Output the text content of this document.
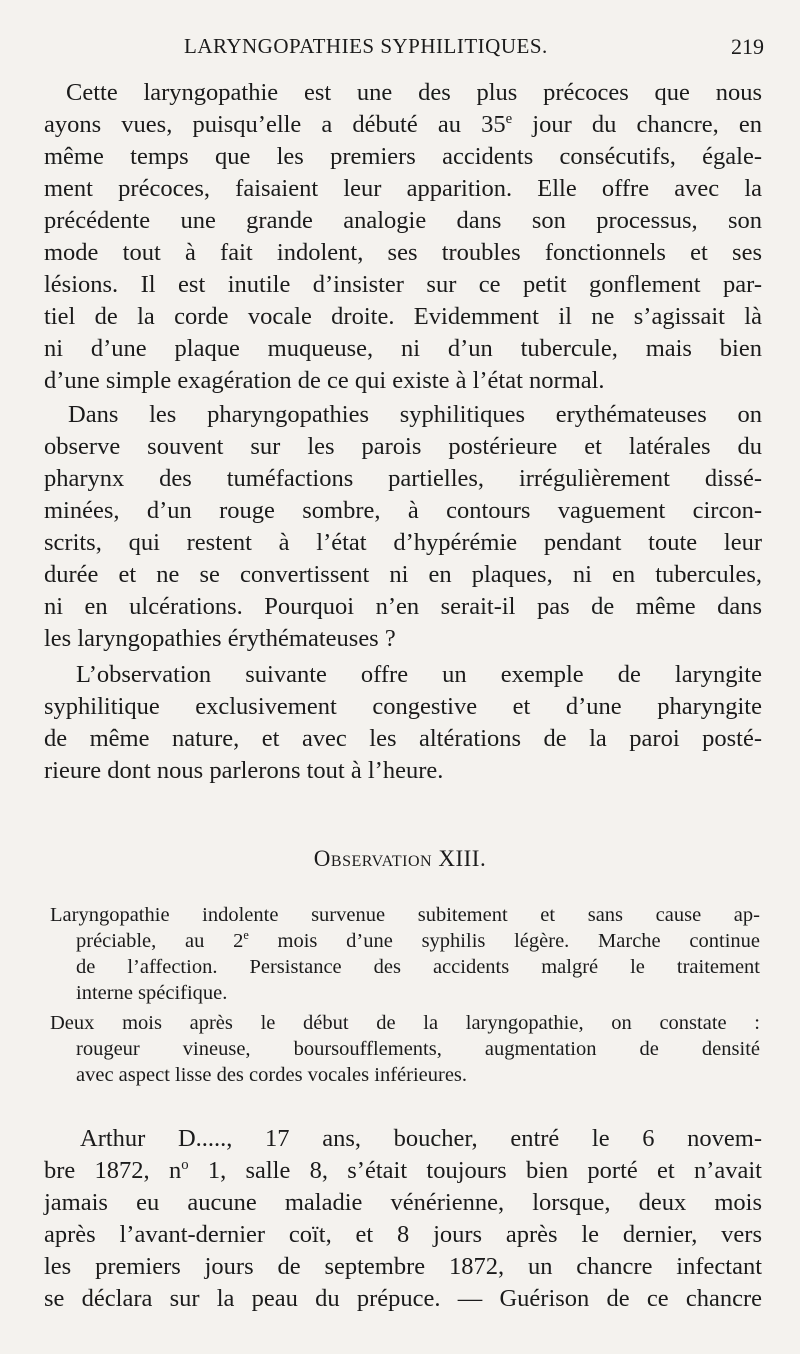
LARYNGOPATHIES SYPHILITIQUES.	219
Cette laryngopathie est une des plus précoces que nous
ayons vues, puisqu’elle a débuté au 35e jour du chancre, en
même temps que les premiers accidents consécutifs, égale-
ment précoces, faisaient leur apparition. Elle offre avec la
précédente une grande analogie dans son processus, son
mode tout à fait indolent, ses troubles fonctionnels et ses
lésions. Il est inutile d’insister sur ce petit gonflement par-
tiel de la corde vocale droite. Evidemment il ne s’agissait là
ni d’une plaque muqueuse, ni d’un tubercule, mais bien
d’une simple exagération de ce qui existe à l’état normal.
Dans les pharyngopathies syphilitiques erythémateuses on
observe souvent sur les parois postérieure et latérales du
pharynx des tuméfactions partielles, irrégulièrement dissé-
minées, d’un rouge sombre, à contours vaguement circon-
scrits, qui restent à l’état d’hypérémie pendant toute leur
durée et ne se convertissent ni en plaques, ni en tubercules,
ni en ulcérations. Pourquoi n’en serait-il pas de même dans
les laryngopathies érythémateuses ?
L’observation suivante offre un exemple de laryngite
syphilitique exclusivement congestive et d’une pharyngite
de même nature, et avec les altérations de la paroi posté-
rieure dont nous parlerons tout à l’heure.
Observation XIII.
Laryngopathie indolente survenue subitement et sans cause ap-
préciable, au 2e mois d’une syphilis légère. Marche continue
de l’affection. Persistance des accidents malgré le traitement
interne spécifique.
Deux mois après le début de la laryngopathie, on constate :
rougeur vineuse, boursoufflements, augmentation de densité
avec aspect lisse des cordes vocales inférieures.
Arthur D....., 17 ans, boucher, entré le 6 novem-
bre 1872, $n^o$ 1, salle 8, s’était toujours bien porté et n’avait
jamais eu aucune maladie vénérienne, lorsque, deux mois
après l’avant-dernier coït, et 8 jours après le dernier, vers
les premiers jours de septembre 1872, un chancre infectant
se déclara sur la peau du prépuce. — Guérison de ce chancre
